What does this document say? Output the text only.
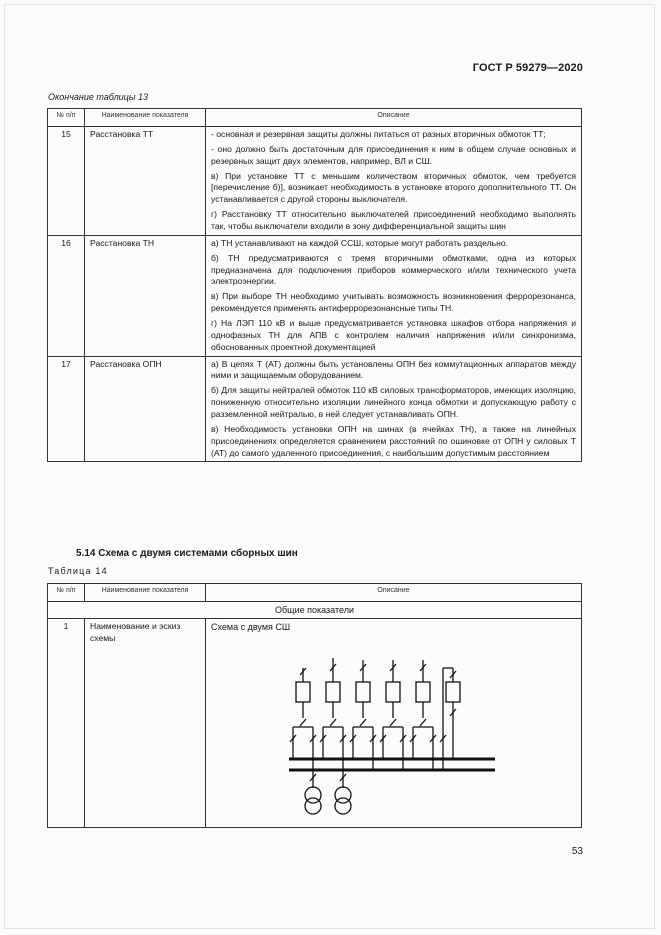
ГОСТ Р 59279—2020
Окончание таблицы 13
№ п/п	Наименование показателя	Описание
15	Расстановка ТТ	- основная и резервная защиты должны питаться от разных вторичных обмоток ТТ;

- оно должно быть достаточным для присоединения к ним в общем случае основных и резервных защит двух элементов, например, ВЛ и СШ.

в) При установке ТТ с меньшим количеством вторичных обмоток, чем требуется [перечисление б)], возникает необходимость в установке второго дополнительного ТТ. Он устанавливается с другой стороны выключателя.

г) Расстановку ТТ относительно выключателей присоединений необходимо выполнять так, чтобы выключатели входили в зону дифференциальной защиты шин

16	Расстановка ТН	а) ТН устанавливают на каждой ССШ, которые могут работать раздельно.

б) ТН предусматриваются с тремя вторичными обмотками, одна из которых предназначена для подключения приборов коммерческого и/или технического учета электроэнергии.

в) При выборе ТН необходимо учитывать возможность возникновения феррорезонанса, рекомендуется применять антиферрорезонансные типы ТН.

г) На ЛЭП 110 кВ и выше предусматривается установка шкафов отбора напряжения и однофазных ТН для АПВ с контролем наличия напряжения и/или синхронизма, обоснованных проектной документацией

17	Расстановка ОПН	а) В цепях Т (АТ) должны быть установлены ОПН без коммутационных аппаратов между ними и защищаемым оборудованием.

б) Для защиты нейтралей обмоток 110 кВ силовых трансформаторов, имеющих изоляцию, пониженную относительно изоляции линейного конца обмотки и допускающую работу с разземленной нейтралью, в ней следует устанавливать ОПН.

в) Необходимость установки ОПН на шинах (в ячейках ТН), а также на линейных присоединениях определяется сравнением расстояний по ошиновке от ОПН у силовых Т (АТ) до самого удаленного присоединения, с наибольшим допустимым расстоянием

5.14 Схема с двумя системами сборных шин
Таблица 14
№ п/п	Наименование показателя	Описание
Общие показатели		
1	Наименование и эскиз схемы	Схема с двумя СШ
53
